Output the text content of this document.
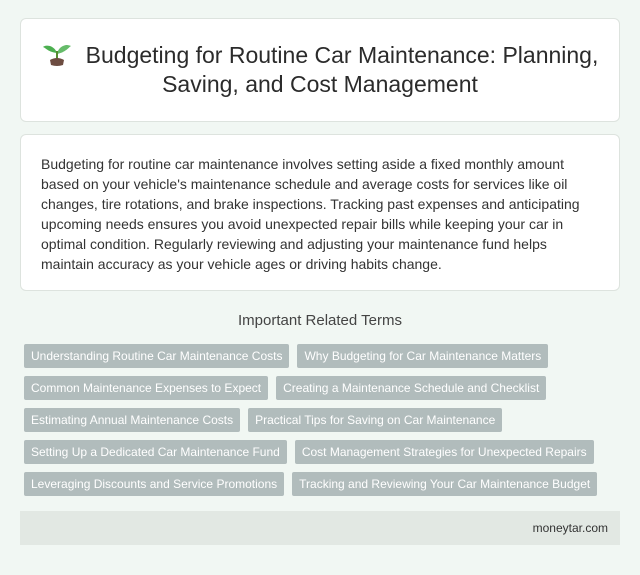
Budgeting for Routine Car Maintenance: Planning, Saving, and Cost Management

Budgeting for routine car maintenance involves setting aside a fixed monthly amount based on your vehicle's maintenance schedule and average costs for services like oil changes, tire rotations, and brake inspections. Tracking past expenses and anticipating upcoming needs ensures you avoid unexpected repair bills while keeping your car in optimal condition. Regularly reviewing and adjusting your maintenance fund helps maintain accuracy as your vehicle ages or driving habits change.

Important Related Terms
Understanding Routine Car Maintenance Costs	Why Budgeting for Car Maintenance Matters
Common Maintenance Expenses to Expect	Creating a Maintenance Schedule and Checklist
Estimating Annual Maintenance Costs	Practical Tips for Saving on Car Maintenance
Setting Up a Dedicated Car Maintenance Fund	Cost Management Strategies for Unexpected Repairs
Leveraging Discounts and Service Promotions	Tracking and Reviewing Your Car Maintenance Budget
moneytar.com
